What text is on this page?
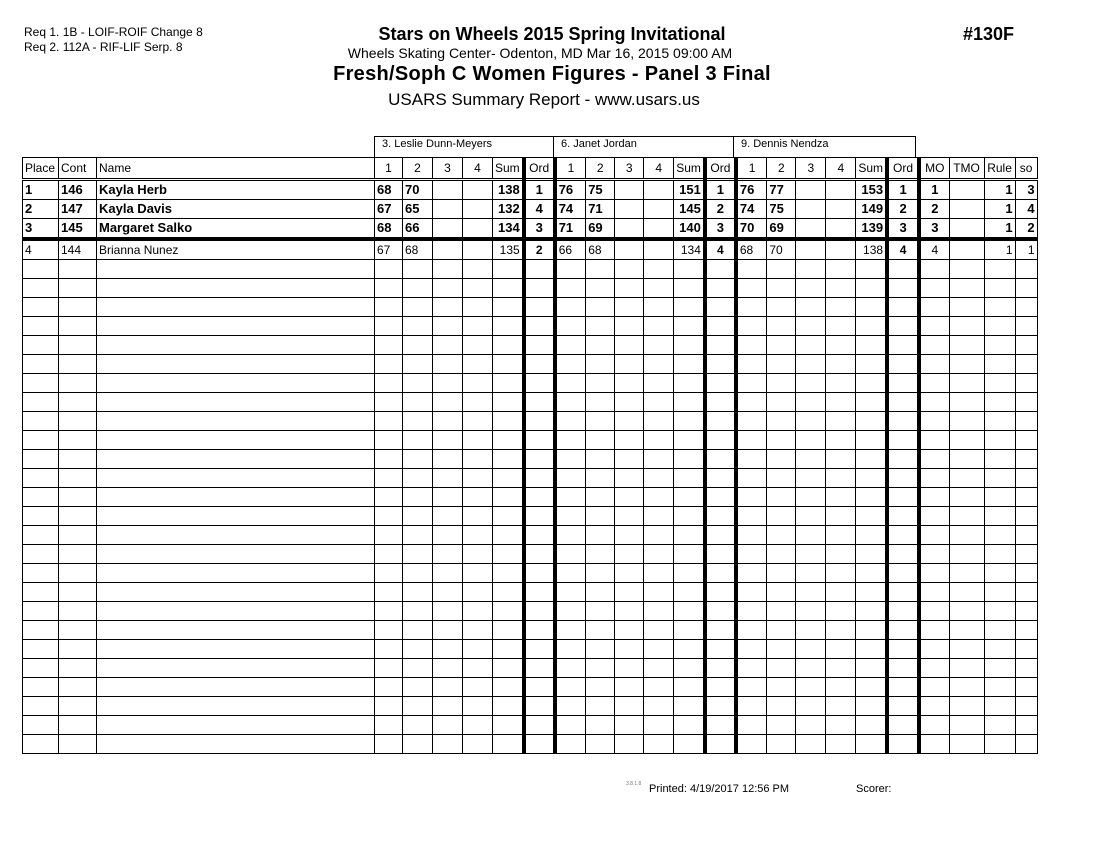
Req 1. 1B - LOIF-ROIF Change 8
Req 2. 112A - RIF-LIF Serp. 8
Stars on Wheels 2015 Spring Invitational
Wheels Skating Center- Odenton, MD Mar 16, 2015 09:00 AM
Fresh/Soph C Women Figures - Panel 3 Final
USARS Summary Report - www.usars.us
#130F
3. Leslie Dunn-Meyers	6. Janet Jordan	9. Dennis Nendza
Place	Cont	Name	1	2	3	4	Sum	Ord	1	2	3	4	Sum	Ord	1	2	3	4	Sum	Ord	MO	TMO	Rule	so
1	146	Kayla Herb	68	70			138	1	76	75			151	1	76	77			153	1	1		1	3
2	147	Kayla Davis	67	65			132	4	74	71			145	2	74	75			149	2	2		1	4
3	145	Margaret Salko	68	66			134	3	71	69			140	3	70	69			139	3	3		1	2
4	144	Brianna Nunez	67	68			135	2	66	68			134	4	68	70			138	4	4		1	1

3.8.1.8 Printed: 4/19/2017 12:56 PM	Scorer:
